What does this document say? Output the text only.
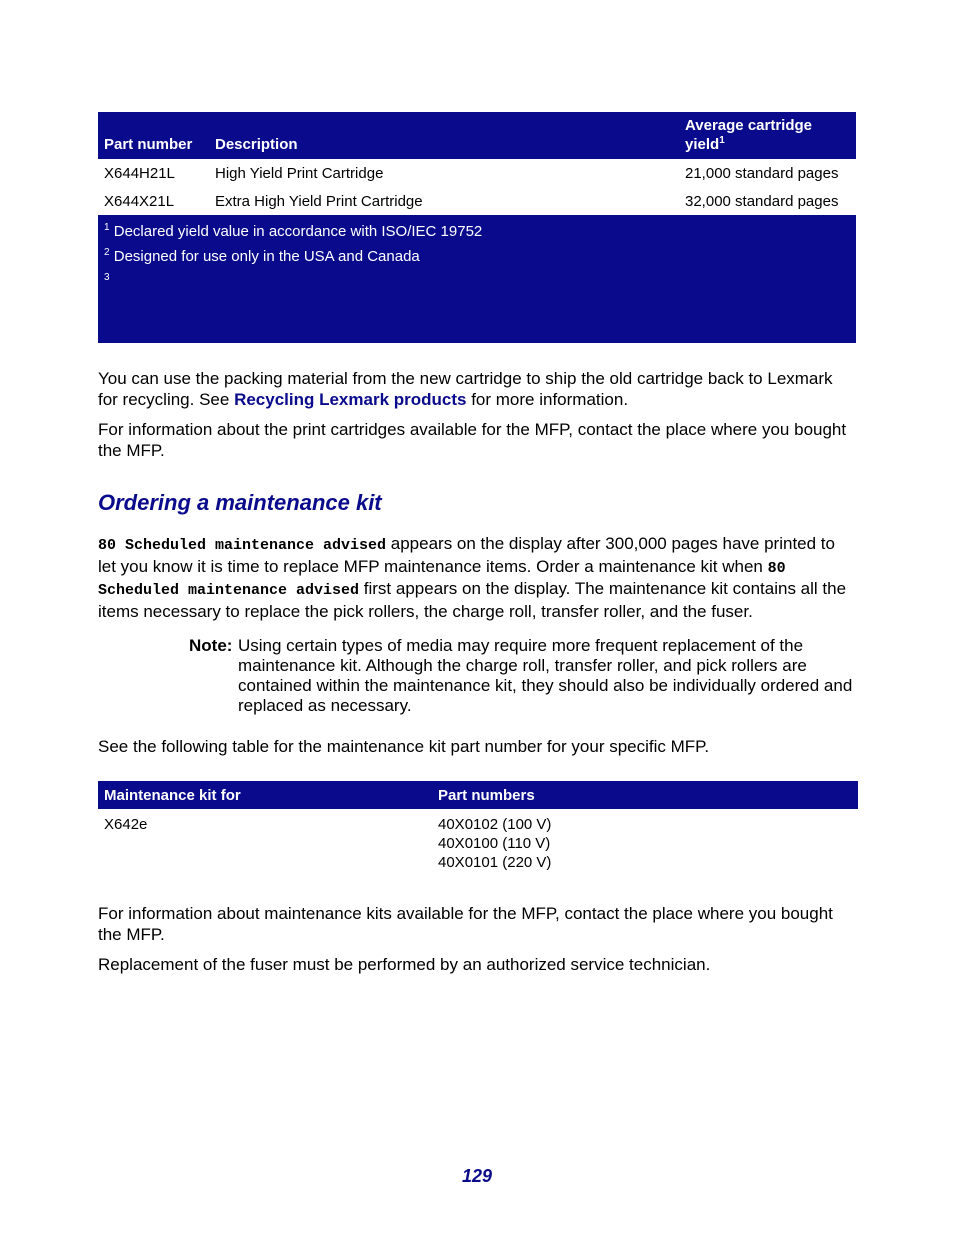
Part number	Description	Average cartridge
yield$^1$
X644H21L	High Yield Print Cartridge	21,000 standard pages
X644X21L	Extra High Yield Print Cartridge	32,000 standard pages

$^1$ Declared yield value in accordance with ISO/IEC 19752
$^2$ Designed for use only in the USA and Canada
$^3$

You can use the packing material from the new cartridge to ship the old cartridge back to Lexmark for recycling. See Recycling Lexmark products for more information.

For information about the print cartridges available for the MFP, contact the place where you bought the MFP.

Ordering a maintenance kit

80 Scheduled maintenance advised appears on the display after 300,000 pages have printed to let you know it is time to replace MFP maintenance items. Order a maintenance kit when 80 Scheduled maintenance advised first appears on the display. The maintenance kit contains all the items necessary to replace the pick rollers, the charge roll, transfer roller, and the fuser.

Note: Using certain types of media may require more frequent replacement of the maintenance kit. Although the charge roll, transfer roller, and pick rollers are contained within the maintenance kit, they should also be individually ordered and replaced as necessary.

See the following table for the maintenance kit part number for your specific MFP.

Maintenance kit for	Part numbers
X642e	40X0102 (100 V)
40X0100 (110 V)
40X0101 (220 V)

For information about maintenance kits available for the MFP, contact the place where you bought the MFP.

Replacement of the fuser must be performed by an authorized service technician.

129
